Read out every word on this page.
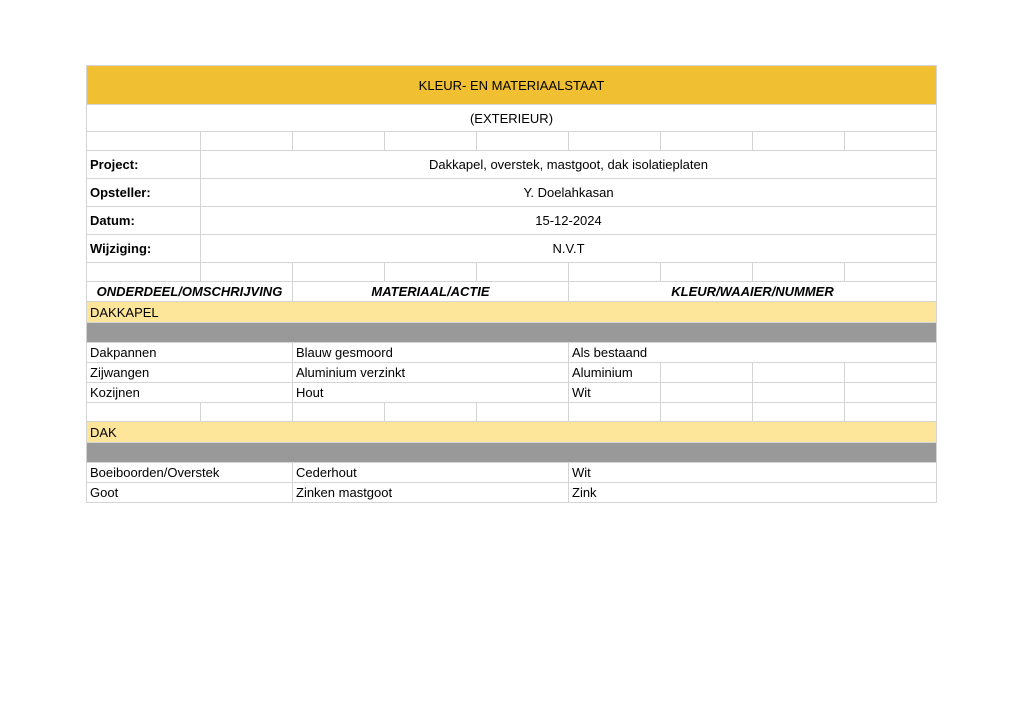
KLEUR- EN MATERIAALSTAAT								
(EXTERIEUR)								

Project:	Dakkapel, overstek, mastgoot, dak isolatieplaten							
Opsteller:	Y. Doelahkasan							
Datum:	15-12-2024							
Wijziging:	N.V.T							

ONDERDEEL/OMSCHRIJVING		MATERIAAL/ACTIE			KLEUR/WAAIER/NUMMER			
DAKKAPEL								

Dakpannen		Blauw gesmoord			Als bestaand			
Zijwangen		Aluminium verzinkt			Aluminium			
Kozijnen		Hout			Wit			

DAK								

Boeiboorden/Overstek		Cederhout			Wit			
Goot		Zinken mastgoot			Zink			
